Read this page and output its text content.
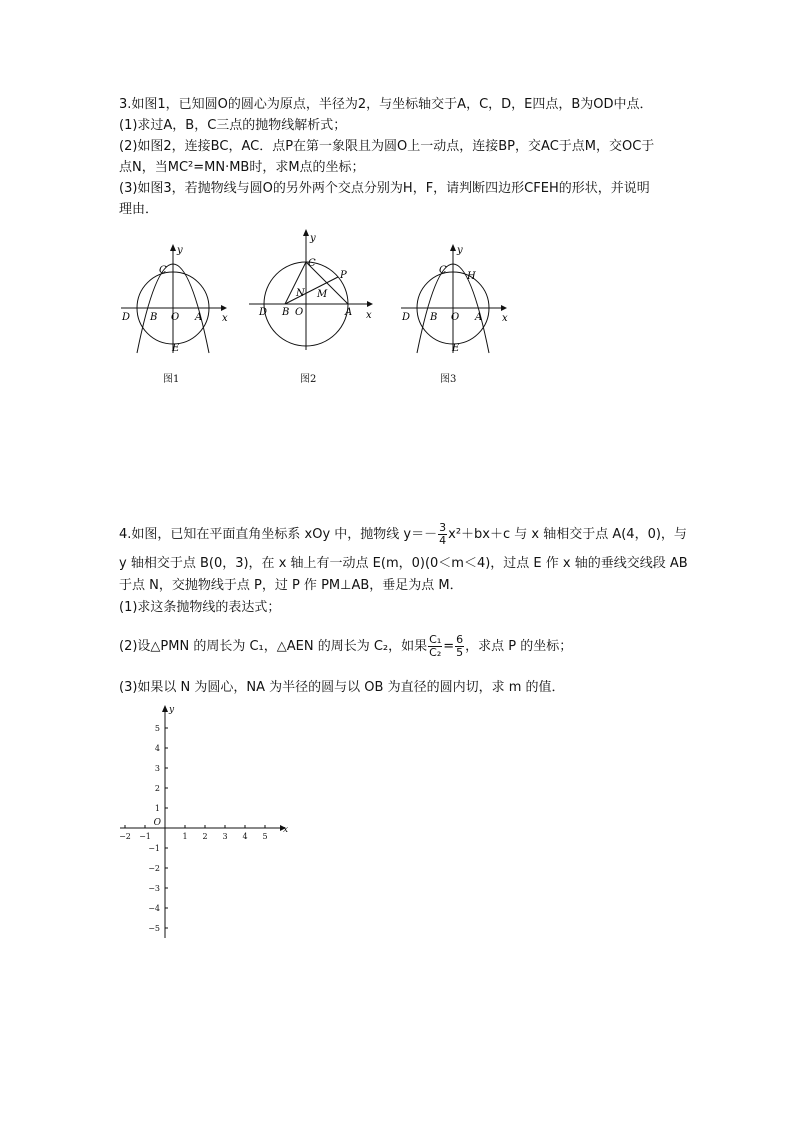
3.如图1，已知圆O的圆心为原点，半径为2，与坐标轴交于A，C，D，E四点，B为OD中点．
(1)求过A，B，C三点的抛物线解析式；
(2)如图2，连接BC，AC．点P在第一象限且为圆O上一动点，连接BP，交AC于点M，交OC于
点N，当MC²=MN·MB时，求M点的坐标；
(3)如图3，若抛物线与圆O的另外两个交点分别为H，F，请判断四边形CFEH的形状，并说明
理由．
y
x
C
D B O A
E
图1
y
x
C
P
N M
D B O	A
图2
y
x
C
H
D B O A
E
图3
4.如图，已知在平面直角坐标系 xOy 中，抛物线 $y=- \frac{3}{4} x^2+bx+c$ 与 x 轴相交于点 A(4，0)，与
y 轴相交于点 B(0，3)，在 x 轴上有一动点 E(m，0)(0＜m＜4)，过点 E 作 x 轴的垂线交线段 AB
于点 N，交抛物线于点 P，过 P 作 PM⊥AB，垂足为点 M．
(1)求这条抛物线的表达式；
(2)设△PMN 的周长为 C₁，△AEN 的周长为 C₂，如果 $\frac{\text{C₁}}{\text{C₂}} = \frac{6}{5}$ ，求点 P 的坐标；
(3)如果以 N 为圆心，NA 为半径的圆与以 OB 为直径的圆内切，求 m 的值．
−2 −1	1 2 3 4 5
5
4
3
2
1
−1
−2
−3
−4
−5
O
x
y
